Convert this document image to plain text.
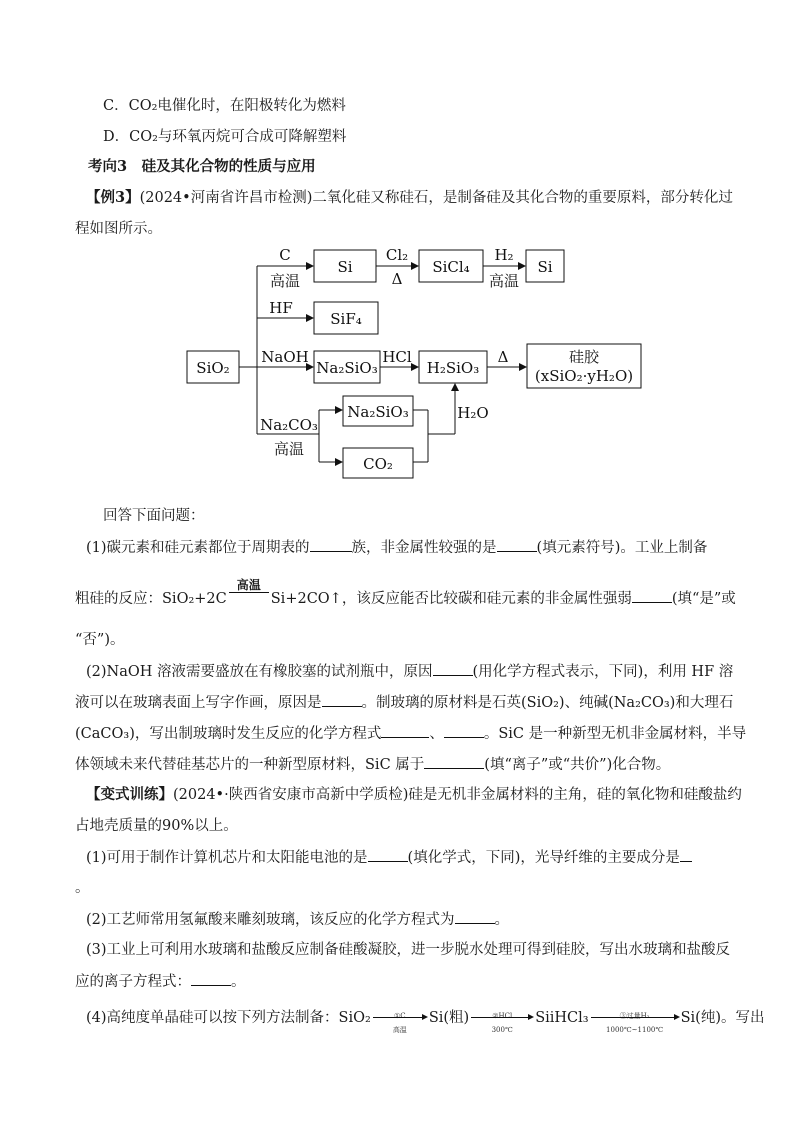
C．CO₂电催化时，在阳极转化为燃料
D．CO₂与环氧丙烷可合成可降解塑料
考向3　硅及其化合物的性质与应用
【例3】(2024•河南省许昌市检测)二氧化硅又称硅石，是制备硅及其化合物的重要原料，部分转化过
程如图所示。
SiO₂
C
高温
Si
Cl₂
Δ
SiCl₄
H₂
高温
Si
HF
SiF₄
NaOH
Na₂SiO₃
HCl
H₂SiO₃
Δ	硅胶
(xSiO₂·yH₂O)
Na₂CO₃
高温
Na₂SiO₃
CO₂
H₂O
回答下面问题：
(1)碳元素和硅元素都位于周期表的	族，非金属性较强的是	(填元素符号)。工业上制备
粗硅的反应：SiO₂+2C
高温
Si+2CO↑，该反应能否比较碳和硅元素的非金属性强弱	(填“是”或
“否”)。
(2)NaOH 溶液需要盛放在有橡胶塞的试剂瓶中，原因	(用化学方程式表示，下同)，利用 HF 溶
液可以在玻璃表面上写字作画，原因是	。制玻璃的原材料是石英(SiO₂)、纯碱(Na₂CO₃)和大理石
(CaCO₃)，写出制玻璃时发生反应的化学方程式	、	。SiC 是一种新型无机非金属材料，半导
体领域未来代替硅基芯片的一种新型原材料，SiC 属于	(填“离子”或“共价”)化合物。
【变式训练】(2024•·陕西省安康市高新中学质检)硅是无机非金属材料的主角，硅的氧化物和硅酸盐约
占地壳质量的90%以上。
(1)可用于制作计算机芯片和太阳能电池的是	(填化学式，下同)，光导纤维的主要成分是
。
(2)工艺师常用氢氟酸来雕刻玻璃，该反应的化学方程式为	。
(3)工业上可利用水玻璃和盐酸反应制备硅酸凝胶，进一步脱水处理可得到硅胶，写出水玻璃和盐酸反
应的离子方程式：	。
(4)高纯度单晶硅可以按下列方法制备：SiO₂	①C
高温
Si(粗)	②HCl
300℃
SiiHCl₃	③过量H₂
1000℃~1100℃
Si(纯)。写出
